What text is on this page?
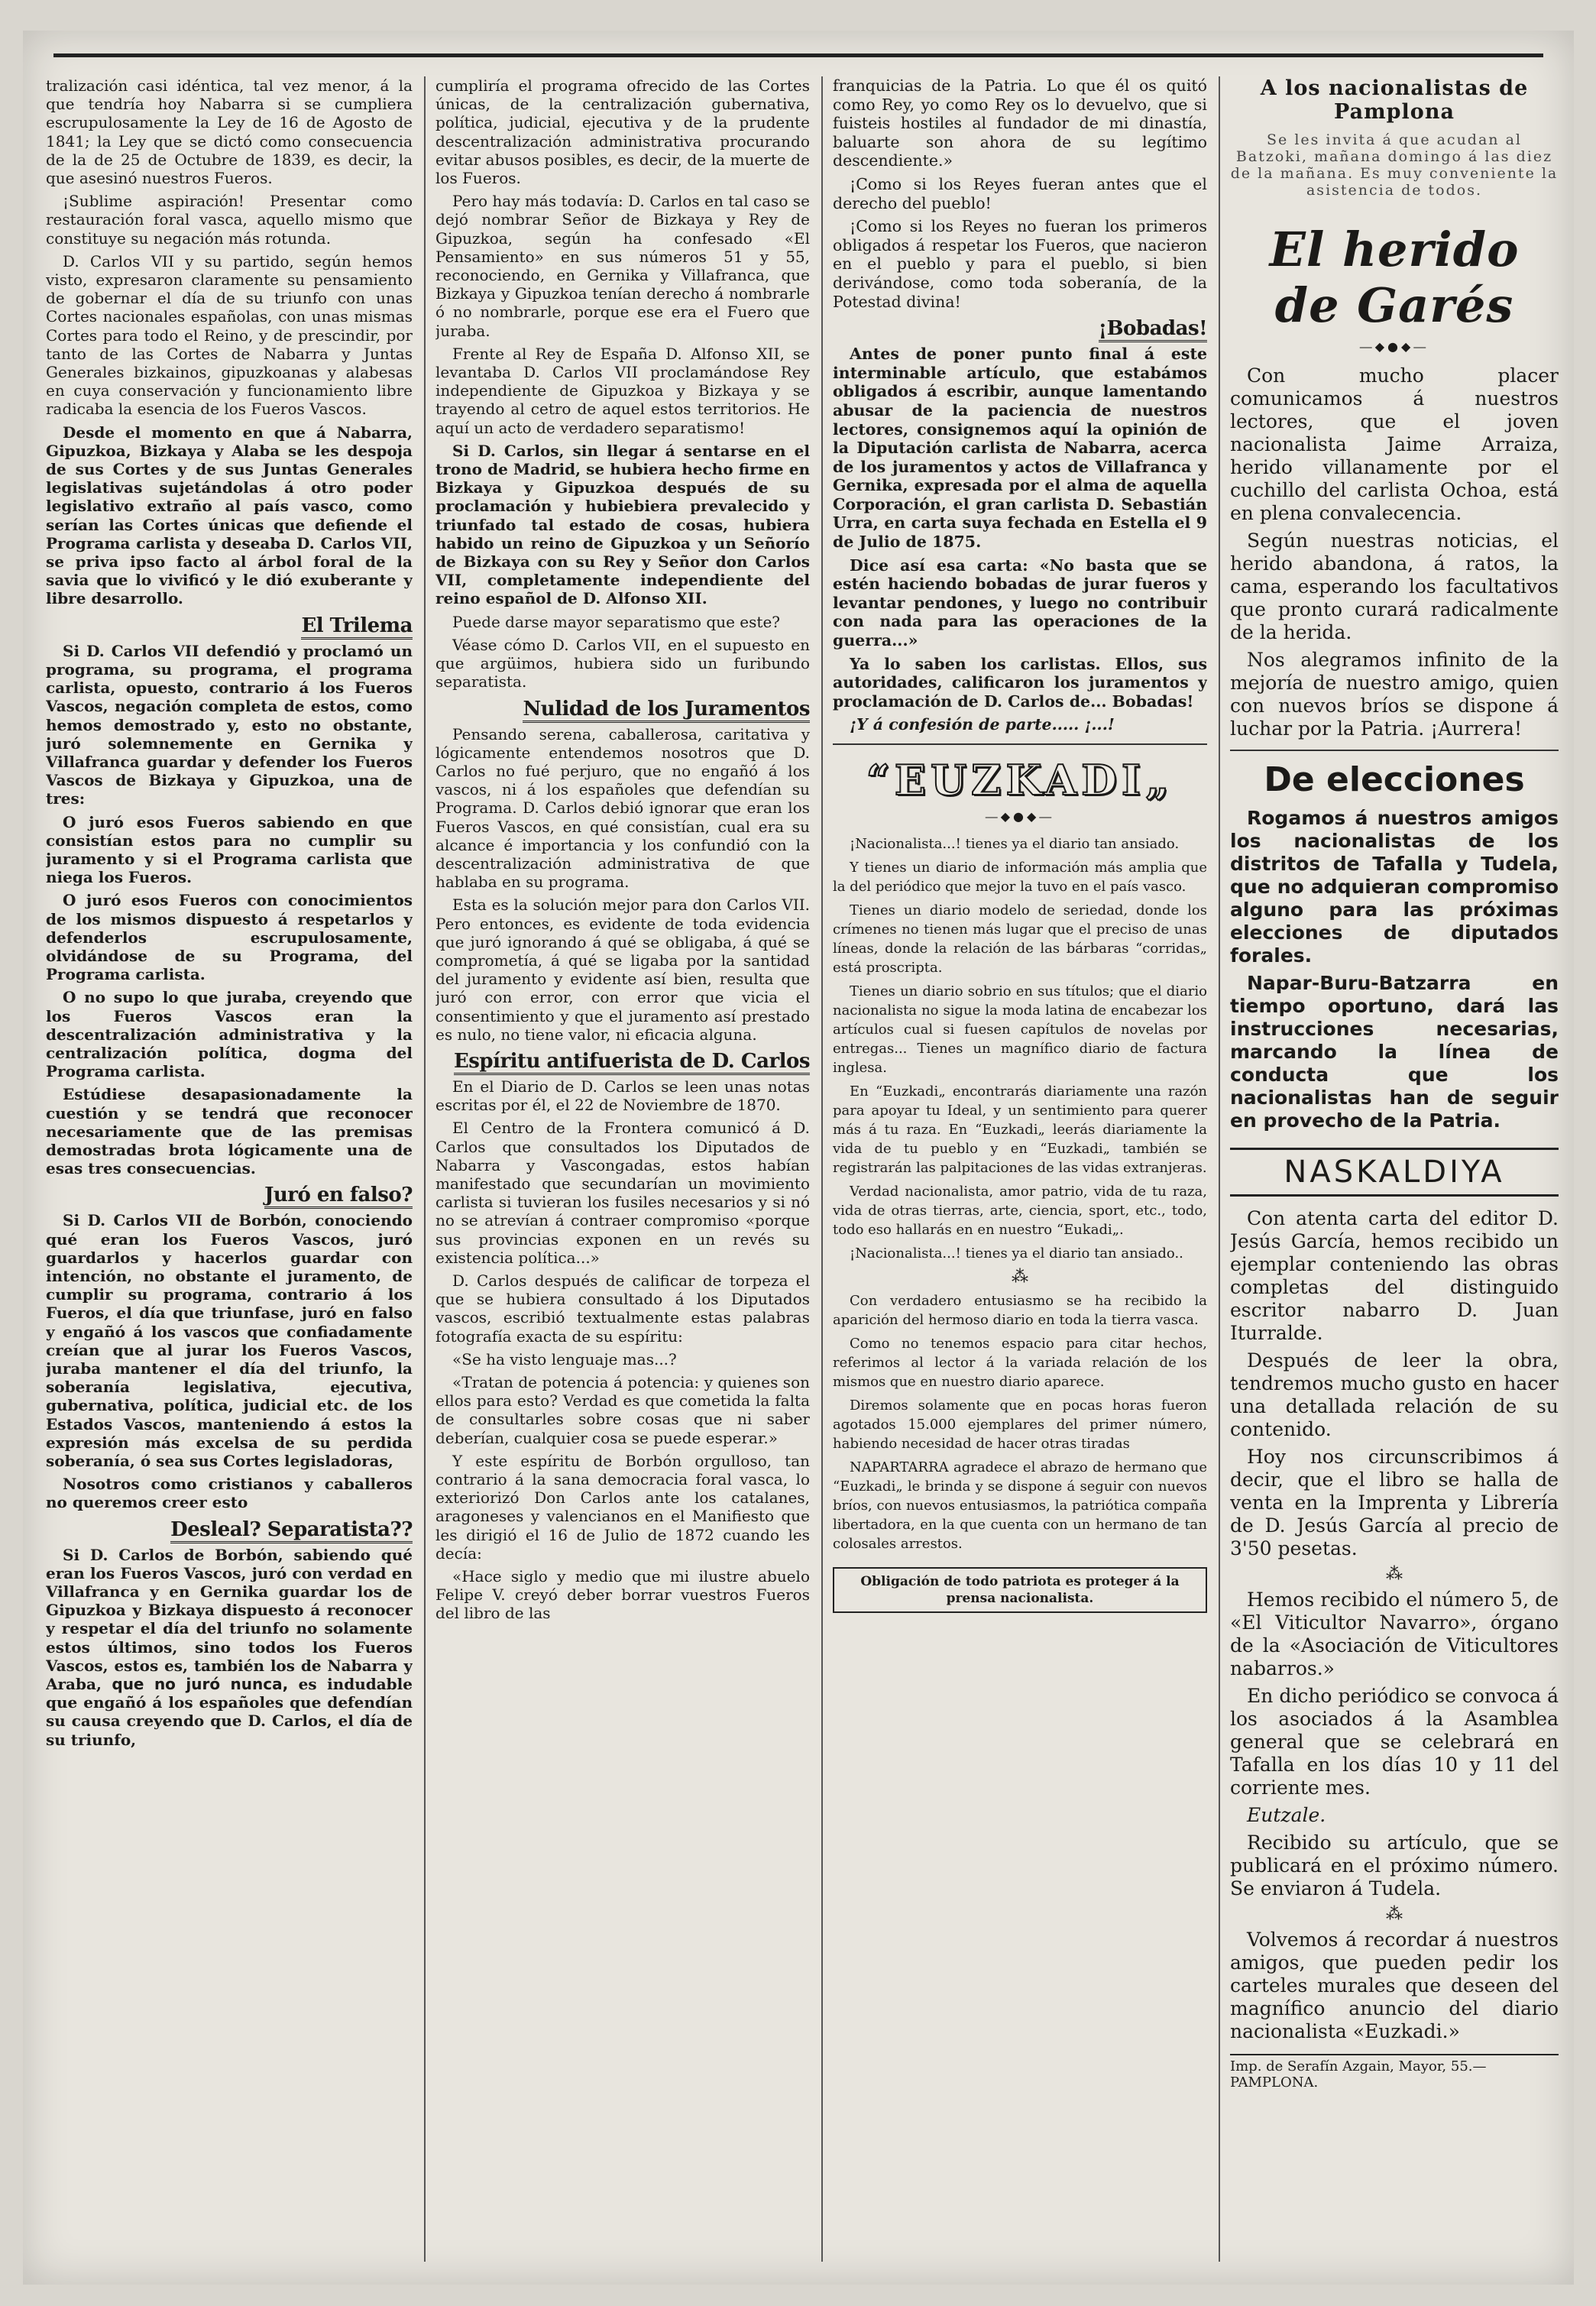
tralización casi idéntica, tal vez menor, á la que tendría hoy Nabarra si se cumpliera escrupulosamente la Ley de 16 de Agosto de 1841; la Ley que se dictó como consecuencia de la de 25 de Octubre de 1839, es decir, la que asesinó nuestros Fueros.

¡Sublime aspiración! Presentar como restauración foral vasca, aquello mismo que constituye su negación más rotunda.

D. Carlos VII y su partido, según hemos visto, expresaron claramente su pensamiento de gobernar el día de su triunfo con unas Cortes nacionales españolas, con unas mismas Cortes para todo el Reino, y de prescindir, por tanto de las Cortes de Nabarra y Juntas Generales bizkainos, gipuzkoanas y alabesas en cuya conservación y funcionamiento libre radicaba la esencia de los Fueros Vascos.

Desde el momento en que á Nabarra, Gipuzkoa, Bizkaya y Alaba se les despoja de sus Cortes y de sus Juntas Generales legislativas sujetándolas á otro poder legislativo extraño al país vasco, como serían las Cortes únicas que defiende el Programa carlista y deseaba D. Carlos VII, se priva ipso facto al árbol foral de la savia que lo vivificó y le dió exuberante y libre desarrollo.

El Trilema

Si D. Carlos VII defendió y proclamó un programa, su programa, el programa carlista, opuesto, contrario á los Fueros Vascos, negación completa de estos, como hemos demostrado y, esto no obstante, juró solemnemente en Gernika y Villafranca guardar y defender los Fueros Vascos de Bizkaya y Gipuzkoa, una de tres:

O juró esos Fueros sabiendo en que consistían estos para no cumplir su juramento y si el Programa carlista que niega los Fueros.

O juró esos Fueros con conocimientos de los mismos dispuesto á respetarlos y defenderlos escrupulosamente, olvidándose de su Programa, del Programa carlista.

O no supo lo que juraba, creyendo que los Fueros Vascos eran la descentralización administrativa y la centralización política, dogma del Programa carlista.

Estúdiese desapasionadamente la cuestión y se tendrá que reconocer necesariamente que de las premisas demostradas brota lógicamente una de esas tres consecuencias.

Juró en falso?

Si D. Carlos VII de Borbón, conociendo qué eran los Fueros Vascos, juró guardarlos y hacerlos guardar con intención, no obstante el juramento, de cumplir su programa, contrario á los Fueros, el día que triunfase, juró en falso y engañó á los vascos que confiadamente creían que al jurar los Fueros Vascos, juraba mantener el día del triunfo, la soberanía legislativa, ejecutiva, gubernativa, política, judicial etc. de los Estados Vascos, manteniendo á estos la expresión más excelsa de su perdida soberanía, ó sea sus Cortes legisladoras,

Nosotros como cristianos y caballeros no queremos creer esto

Desleal? Separatista??

Si D. Carlos de Borbón, sabiendo qué eran los Fueros Vascos, juró con verdad en Villafranca y en Gernika guardar los de Gipuzkoa y Bizkaya dispuesto á reconocer y respetar el día del triunfo no solamente estos últimos, sino todos los Fueros Vascos, estos es, también los de Nabarra y Araba, que no juró nunca, es indudable que engañó á los españoles que defendían su causa creyendo que D. Carlos, el día de su triunfo,

cumpliría el programa ofrecido de las Cortes únicas, de la centralización gubernativa, política, judicial, ejecutiva y de la prudente descentralización administrativa procurando evitar abusos posibles, es decir, de la muerte de los Fueros.

Pero hay más todavía: D. Carlos en tal caso se dejó nombrar Señor de Bizkaya y Rey de Gipuzkoa, según ha confesado «El Pensamiento» en sus números 51 y 55, reconociendo, en Gernika y Villafranca, que Bizkaya y Gipuzkoa tenían derecho á nombrarle ó no nombrarle, porque ese era el Fuero que juraba.

Frente al Rey de España D. Alfonso XII, se levantaba D. Carlos VII proclamándose Rey independiente de Gipuzkoa y Bizkaya y se trayendo al cetro de aquel estos territorios. He aquí un acto de verdadero separatismo!

Si D. Carlos, sin llegar á sentarse en el trono de Madrid, se hubiera hecho firme en Bizkaya y Gipuzkoa después de su proclamación y hubiebiera prevalecido y triunfado tal estado de cosas, hubiera habido un reino de Gipuzkoa y un Señorío de Bizkaya con su Rey y Señor don Carlos VII, completamente independiente del reino español de D. Alfonso XII.

Puede darse mayor separatismo que este?

Véase cómo D. Carlos VII, en el supuesto en que argüimos, hubiera sido un furibundo separatista.

Nulidad de los Juramentos

Pensando serena, caballerosa, caritativa y lógicamente entendemos nosotros que D. Carlos no fué perjuro, que no engañó á los vascos, ni á los españoles que defendían su Programa. D. Carlos debió ignorar que eran los Fueros Vascos, en qué consistían, cual era su alcance é importancia y los confundió con la descentralización administrativa de que hablaba en su programa.

Esta es la solución mejor para don Carlos VII. Pero entonces, es evidente de toda evidencia que juró ignorando á qué se obligaba, á qué se comprometía, á qué se ligaba por la santidad del juramento y evidente así bien, resulta que juró con error, con error que vicia el consentimiento y que el juramento así prestado es nulo, no tiene valor, ni eficacia alguna.

Espíritu antifuerista de D. Carlos

En el Diario de D. Carlos se leen unas notas escritas por él, el 22 de Noviembre de 1870.

El Centro de la Frontera comunicó á D. Carlos que consultados los Diputados de Nabarra y Vascongadas, estos habían manifestado que secundarían un movimiento carlista si tuvieran los fusiles necesarios y si nó no se atrevían á contraer compromiso «porque sus provincias exponen en un revés su existencia política...»

D. Carlos después de calificar de torpeza el que se hubiera consultado á los Diputados vascos, escribió textualmente estas palabras fotografía exacta de su espíritu:

«Se ha visto lenguaje mas...?

«Tratan de potencia á potencia: y quienes son ellos para esto? Verdad es que cometida la falta de consultarles sobre cosas que ni saber deberían, cualquier cosa se puede esperar.»

Y este espíritu de Borbón orgulloso, tan contrario á la sana democracia foral vasca, lo exteriorizó Don Carlos ante los catalanes, aragoneses y valencianos en el Manifiesto que les dirigió el 16 de Julio de 1872 cuando les decía:

«Hace siglo y medio que mi ilustre abuelo Felipe V. creyó deber borrar vuestros Fueros del libro de las

franquicias de la Patria. Lo que él os quitó como Rey, yo como Rey os lo devuelvo, que si fuisteis hostiles al fundador de mi dinastía, baluarte son ahora de su legítimo descendiente.»

¡Como si los Reyes fueran antes que el derecho del pueblo!

¡Como si los Reyes no fueran los primeros obligados á respetar los Fueros, que nacieron en el pueblo y para el pueblo, si bien derivándose, como toda soberanía, de la Potestad divina!

¡Bobadas!

Antes de poner punto final á este interminable artículo, que estabámos obligados á escribir, aunque lamentando abusar de la paciencia de nuestros lectores, consignemos aquí la opinión de la Diputación carlista de Nabarra, acerca de los juramentos y actos de Villafranca y Gernika, expresada por el alma de aquella Corporación, el gran carlista D. Sebastián Urra, en carta suya fechada en Estella el 9 de Julio de 1875.

Dice así esa carta: «No basta que se estén haciendo bobadas de jurar fueros y levantar pendones, y luego no contribuir con nada para las operaciones de la guerra...»

Ya lo saben los carlistas. Ellos, sus autoridades, calificaron los juramentos y proclamación de D. Carlos de... Bobadas!

¡Y á confesión de parte..... ¡...!

“EUZKADI„
―◆●◆―

¡Nacionalista...! tienes ya el diario tan ansiado.

Y tienes un diario de información más amplia que la del periódico que mejor la tuvo en el país vasco.

Tienes un diario modelo de seriedad, donde los crímenes no tienen más lugar que el preciso de unas líneas, donde la relación de las bárbaras “corridas„ está proscripta.

Tienes un diario sobrio en sus títulos; que el diario nacionalista no sigue la moda latina de encabezar los artículos cual si fuesen capítulos de novelas por entregas... Tienes un magnífico diario de factura inglesa.

En “Euzkadi„ encontrarás diariamente una razón para apoyar tu Ideal, y un sentimiento para querer más á tu raza. En “Euzkadi„ leerás diariamente la vida de tu pueblo y en “Euzkadi„ también se registrarán las palpitaciones de las vidas extranjeras.

Verdad nacionalista, amor patrio, vida de tu raza, vida de otras tierras, arte, ciencia, sport, etc., todo, todo eso hallarás en en nuestro “Eukadi„.

¡Nacionalista...! tienes ya el diario tan ansiado..

⁂

Con verdadero entusiasmo se ha recibido la aparición del hermoso diario en toda la tierra vasca.

Como no tenemos espacio para citar hechos, referimos al lector á la variada relación de los mismos que en nuestro diario aparece.

Diremos solamente que en pocas horas fueron agotados 15.000 ejemplares del primer número, habiendo necesidad de hacer otras tiradas

NAPARTARRA agradece el abrazo de hermano que “Euzkadi„ le brinda y se dispone á seguir con nuevos bríos, con nuevos entusiasmos, la patriótica compaña libertadora, en la que cuenta con un hermano de tan colosales arrestos.

Obligación de todo patriota es proteger á la prensa nacionalista.
A los nacionalistas de Pamplona
Se les invita á que acudan al Batzoki, mañana domingo á las diez de la mañana. Es muy conveniente la asistencia de todos.
El herido de Garés
―◆●◆―

Con mucho placer comunicamos á nuestros lectores, que el joven nacionalista Jaime Arraiza, herido villanamente por el cuchillo del carlista Ochoa, está en plena convalecencia.

Según nuestras noticias, el herido abandona, á ratos, la cama, esperando los facultativos que pronto curará radicalmente de la herida.

Nos alegramos infinito de la mejoría de nuestro amigo, quien con nuevos bríos se dispone á luchar por la Patria. ¡Aurrera!

De elecciones

Rogamos á nuestros amigos los nacionalistas de los distritos de Tafalla y Tudela, que no adquieran compromiso alguno para las próximas elecciones de diputados forales.

Napar-Buru-Batzarra en tiempo oportuno, dará las instrucciones necesarias, marcando la línea de conducta que los nacionalistas han de seguir en provecho de la Patria.

NASKALDIYA

Con atenta carta del editor D. Jesús García, hemos recibido un ejemplar conteniendo las obras completas del distinguido escritor nabarro D. Juan Iturralde.

Después de leer la obra, tendremos mucho gusto en hacer una detallada relación de su contenido.

Hoy nos circunscribimos á decir, que el libro se halla de venta en la Imprenta y Librería de D. Jesús García al precio de 3'50 pesetas.

⁂

Hemos recibido el número 5, de «El Viticultor Navarro», órgano de la «Asociación de Viticultores nabarros.»

En dicho periódico se convoca á los asociados á la Asamblea general que se celebrará en Tafalla en los días 10 y 11 del corriente mes.

Eutzale.

Recibido su artículo, que se publicará en el próximo número. Se enviaron á Tudela.

⁂

Volvemos á recordar á nuestros amigos, que pueden pedir los carteles murales que deseen del magnífico anuncio del diario nacionalista «Euzkadi.»

Imp. de Serafín Azgain, Mayor, 55.—PAMPLONA.
